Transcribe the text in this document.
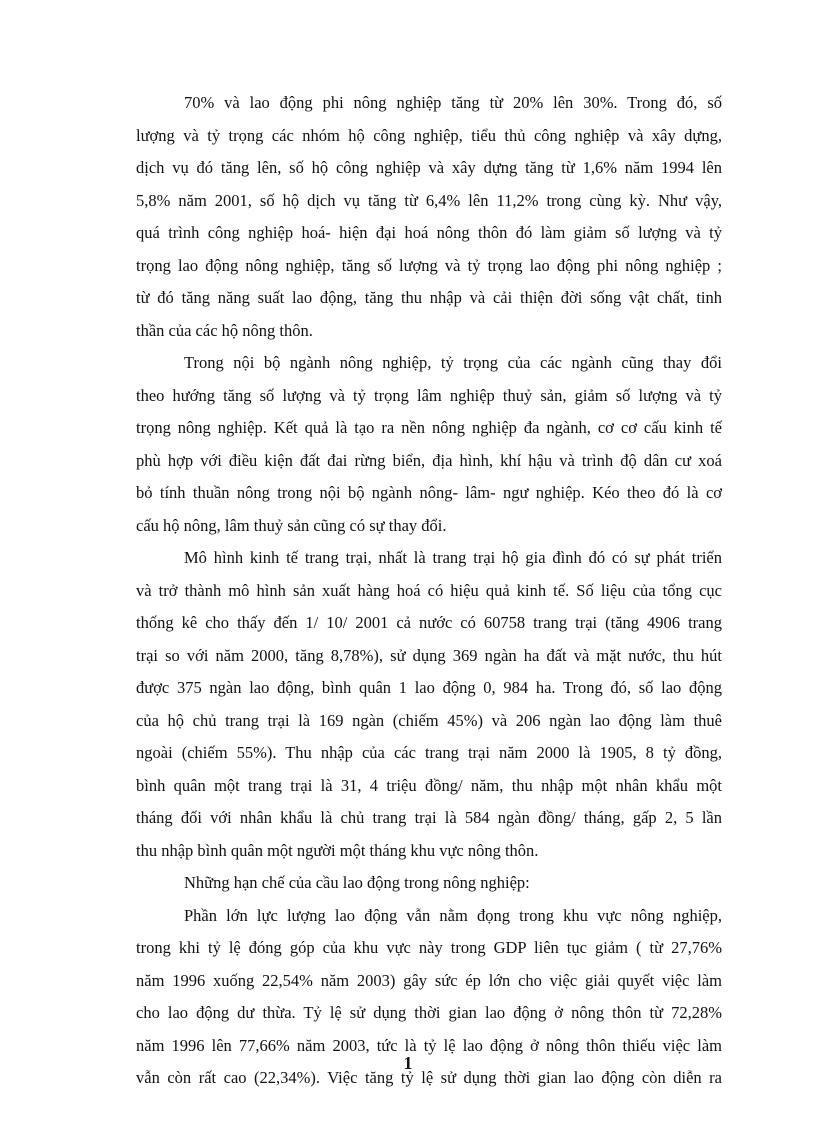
70% và lao động phi nông nghiệp tăng từ 20% lên 30%. Trong đó, số
lượng và tỷ trọng các nhóm hộ công nghiệp, tiểu thủ công nghiệp và xây dựng,
dịch vụ đó tăng lên, số hộ công nghiệp và xây dựng tăng từ 1,6% năm 1994 lên
5,8% năm 2001, số hộ dịch vụ tăng từ 6,4% lên 11,2% trong cùng kỳ. Như vậy,
quá trình công nghiệp hoá- hiện đại hoá nông thôn đó làm giảm số lượng và tỷ
trọng lao động nông nghiệp, tăng số lượng và tỷ trọng lao động phi nông nghiệp ;
từ đó tăng năng suất lao động, tăng thu nhập và cải thiện đời sống vật chất, tinh
thần của các hộ nông thôn.
Trong nội bộ ngành nông nghiệp, tỷ trọng của các ngành cũng thay đổi
theo hướng tăng số lượng và tỷ trọng lâm nghiệp thuỷ sản, giảm số lượng và tỷ
trọng nông nghiệp. Kết quả là tạo ra nền nông nghiệp đa ngành, cơ cơ cấu kinh tế
phù hợp với điều kiện đất đai rừng biển, địa hình, khí hậu và trình độ dân cư xoá
bỏ tính thuần nông trong nội bộ ngành nông- lâm- ngư nghiệp. Kéo theo đó là cơ
cấu hộ nông, lâm thuỷ sản cũng có sự thay đổi.
Mô hình kinh tế trang trại, nhất là trang trại hộ gia đình đó có sự phát triển
và trở thành mô hình sản xuất hàng hoá có hiệu quả kinh tế. Số liệu của tổng cục
thống kê cho thấy đến 1/ 10/ 2001 cả nước có 60758 trang trại (tăng 4906 trang
trại so với năm 2000, tăng 8,78%), sử dụng 369 ngàn ha đất và mặt nước, thu hút
được 375 ngàn lao động, bình quân 1 lao động 0, 984 ha. Trong đó, số lao động
của hộ chủ trang trại là 169 ngàn (chiếm 45%) và 206 ngàn lao động làm thuê
ngoài (chiếm 55%). Thu nhập của các trang trại năm 2000 là 1905, 8 tỷ đồng,
bình quân một trang trại là 31, 4 triệu đồng/ năm, thu nhập một nhân khẩu một
tháng đối với nhân khẩu là chủ trang trại là 584 ngàn đồng/ tháng, gấp 2, 5 lần
thu nhập bình quân một người một tháng khu vực nông thôn.
Những hạn chế của cầu lao động trong nông nghiệp:
Phần lớn lực lượng lao động vẫn nằm đọng trong khu vực nông nghiệp,
trong khi tỷ lệ đóng góp của khu vực này trong GDP liên tục giảm ( từ 27,76%
năm 1996 xuống 22,54% năm 2003) gây sức ép lớn cho việc giải quyết việc làm
cho lao động dư thừa. Tỷ lệ sử dụng thời gian lao động ở nông thôn từ 72,28%
năm 1996 lên 77,66% năm 2003, tức là tỷ lệ lao động ở nông thôn thiếu việc làm
vẫn còn rất cao (22,34%). Việc tăng tỷ lệ sử dụng thời gian lao động còn diễn ra
1
